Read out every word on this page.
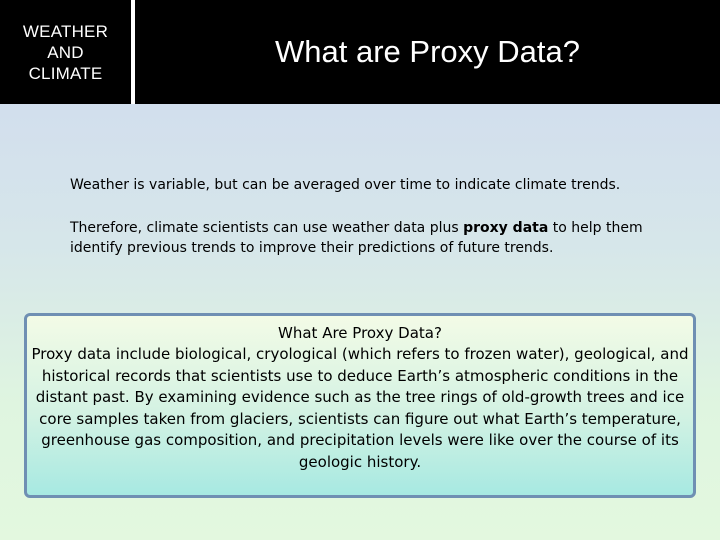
WEATHER
AND
CLIMATE
What are Proxy Data?
Weather is variable, but can be averaged over time to indicate climate trends.
Therefore, climate scientists can use weather data plus proxy data to help them identify previous trends to improve their predictions of future trends.
What Are Proxy Data?
Proxy data include biological, cryological (which refers to frozen water), geological, and historical records that scientists use to deduce Earth’s atmospheric conditions in the distant past. By examining evidence such as the tree rings of old-growth trees and ice core samples taken from glaciers, scientists can figure out what Earth’s temperature, greenhouse gas composition, and precipitation levels were like over the course of its geologic history.
